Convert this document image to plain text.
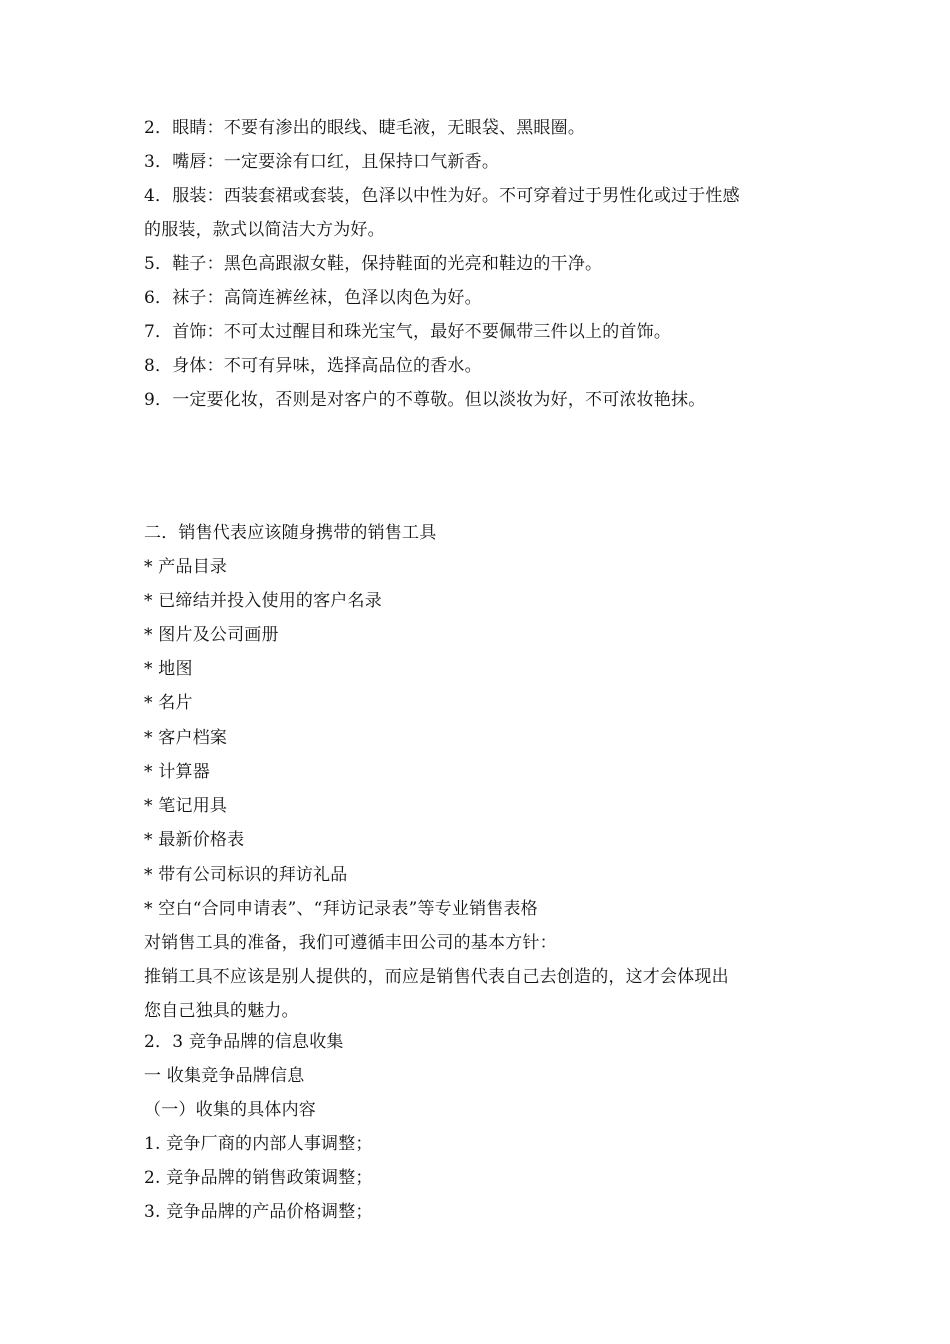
2．眼睛：不要有渗出的眼线、睫毛液，无眼袋、黑眼圈。
3．嘴唇：一定要涂有口红，且保持口气新香。
4．服装：西装套裙或套装，色泽以中性为好。不可穿着过于男性化或过于性感
的服装，款式以简洁大方为好。
5．鞋子：黑色高跟淑女鞋，保持鞋面的光亮和鞋边的干净。
6．袜子：高筒连裤丝袜，色泽以肉色为好。
7．首饰：不可太过醒目和珠光宝气，最好不要佩带三件以上的首饰。
8．身体：不可有异味，选择高品位的香水。
9．一定要化妆，否则是对客户的不尊敬。但以淡妆为好，不可浓妆艳抹。
二．销售代表应该随身携带的销售工具
* 产品目录
* 已缔结并投入使用的客户名录
* 图片及公司画册
* 地图
* 名片
* 客户档案
* 计算器
* 笔记用具
* 最新价格表
* 带有公司标识的拜访礼品
* 空白“合同申请表”、“拜访记录表”等专业销售表格
对销售工具的准备，我们可遵循丰田公司的基本方针：
推销工具不应该是别人提供的，而应是销售代表自己去创造的，这才会体现出
您自己独具的魅力。
2．3 竞争品牌的信息收集
一 收集竞争品牌信息
（一）收集的具体内容
1. 竞争厂商的内部人事调整；
2. 竞争品牌的销售政策调整；
3. 竞争品牌的产品价格调整；
